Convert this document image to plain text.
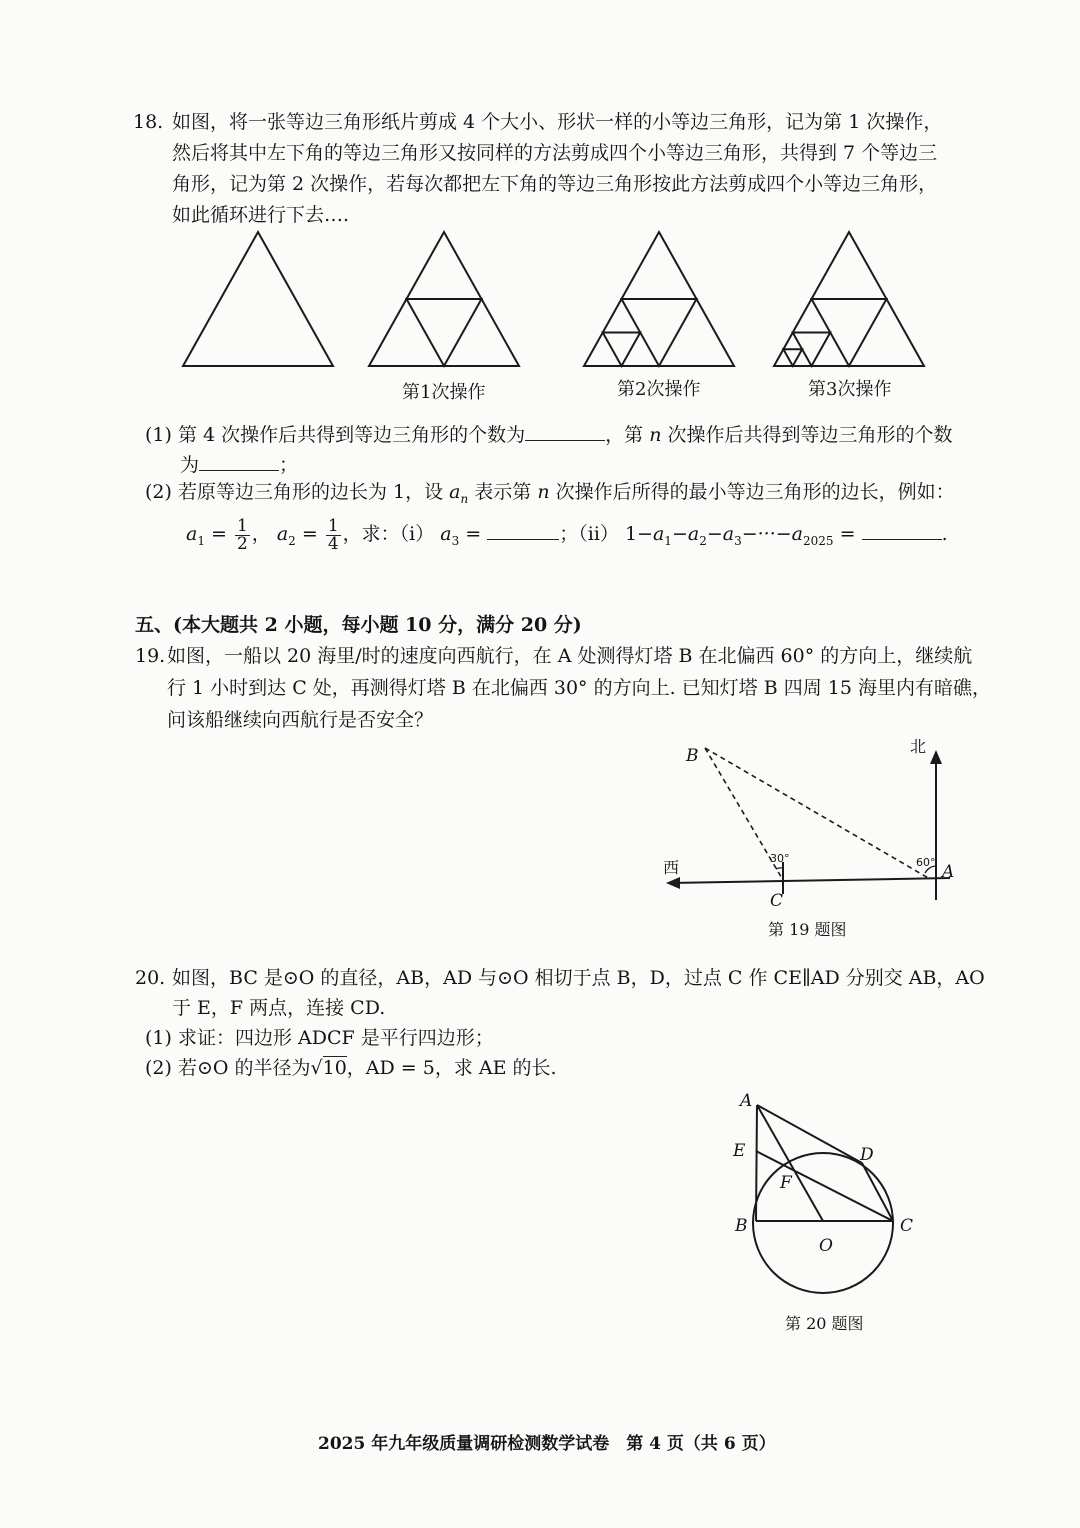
18. 如图，将一张等边三角形纸片剪成 4 个大小、形状一样的小等边三角形，记为第 1 次操作，
然后将其中左下角的等边三角形又按同样的方法剪成四个小等边三角形，共得到 7 个等边三
角形，记为第 2 次操作，若每次都把左下角的等边三角形按此方法剪成四个小等边三角形，
如此循环进行下去….
第1次操作	第2次操作	第3次操作
(1) 第 4 次操作后共得到等边三角形的个数为	，第 n 次操作后共得到等边三角形的个数
为	；
(2) 若原等边三角形的边长为 1，设 $a_n$ 表示第 n 次操作后所得的最小等边三角形的边长，例如：
$a_1 = \frac{1}{2}$ ， $a_2 = \frac{1}{4}$ ，求：（i） $a_3$ =	；（ii） $1-a_1-a_2-a_3-\cdot\cdot\cdot-a_{2025}$ =	.
五、(本大题共 2 小题，每小题 10 分，满分 20 分)
19. 如图，一船以 20 海里/时的速度向西航行，在 A 处测得灯塔 B 在北偏西 60° 的方向上，继续航
行 1 小时到达 C 处，再测得灯塔 B 在北偏西 30° 的方向上. 已知灯塔 B 四周 15 海里内有暗礁，
问该船继续向西航行是否安全？
B
A
C
北
西	30°	60°
第 19 题图
20. 如图，BC 是⊙O 的直径，AB，AD 与⊙O 相切于点 B，D，过点 C 作 CE∥AD 分别交 AB，AO
于 E，F 两点，连接 CD.
(1) 求证：四边形 ADCF 是平行四边形；
(2) 若⊙O 的半径为√10，AD = 5，求 AE 的长.
A
E
F
D
B
O
C
第 20 题图
2025 年九年级质量调研检测数学试卷　第 4 页（共 6 页）
